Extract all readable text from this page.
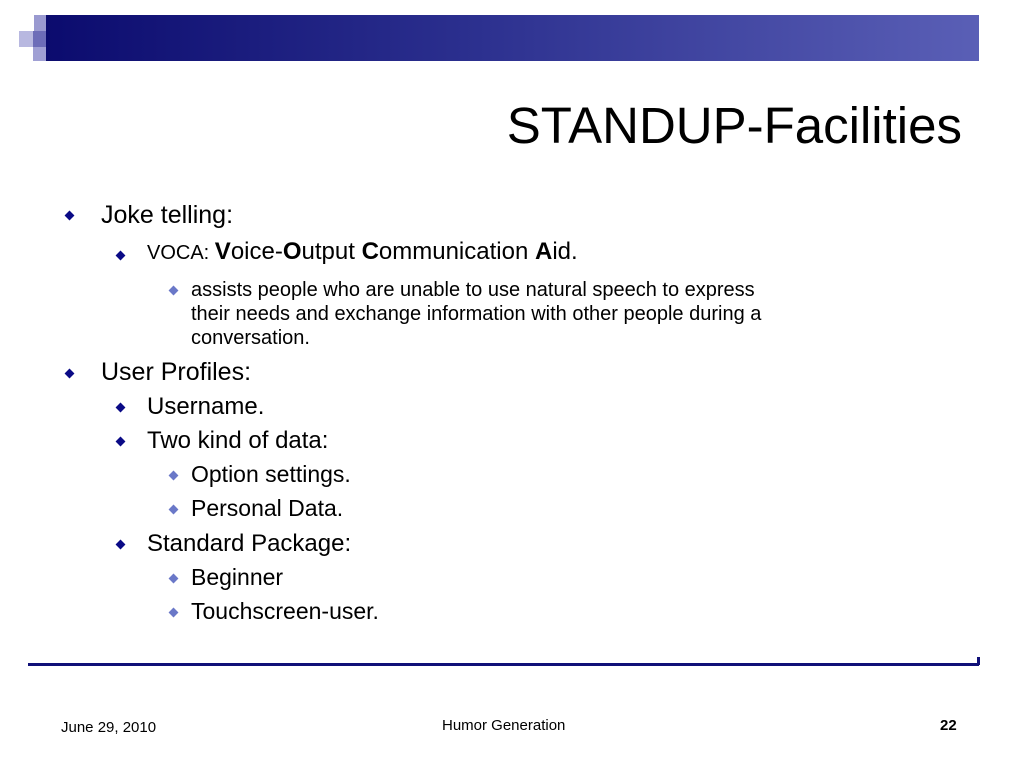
STANDUP-Facilities
Joke telling:
VOCA: Voice-Output Communication Aid.
assists people who are unable to use natural speech to express
their needs and exchange information with other people during a
conversation.
User Profiles:
Username.
Two kind of data:
Option settings.
Personal Data.
Standard Package:
Beginner
Touchscreen-user.
June 29, 2010	Humor Generation	22
